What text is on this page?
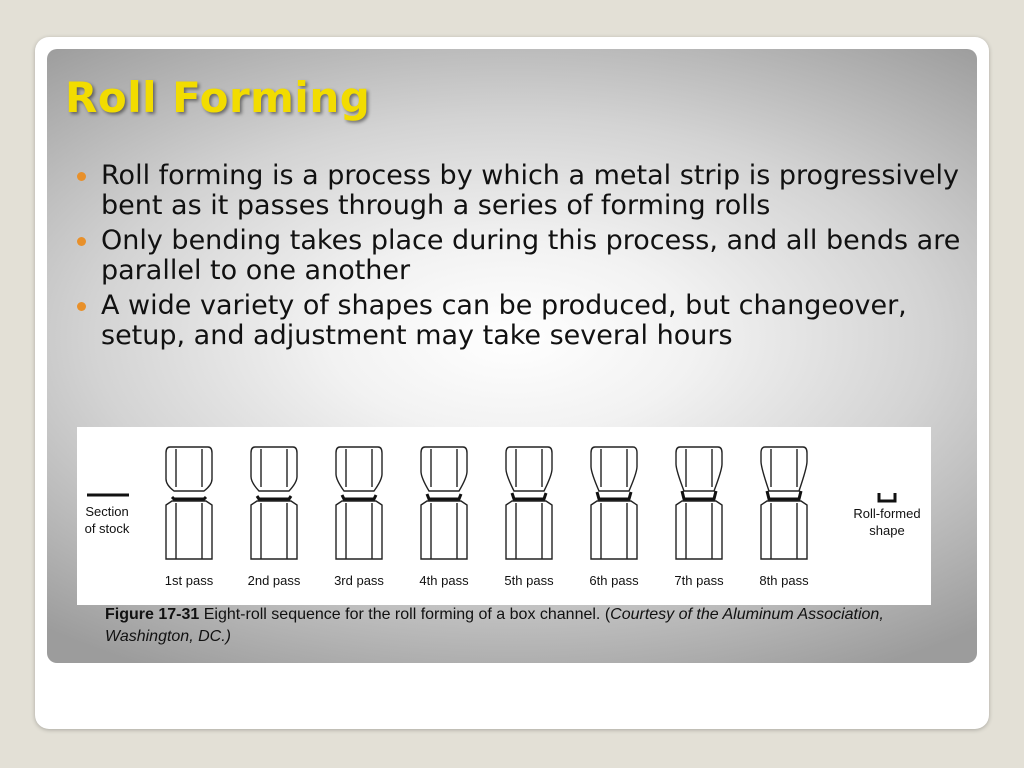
Roll Forming
Roll forming is a process by which a metal strip is progressively bent as it passes through a series of forming rolls
Only bending takes place during this process, and all bends are parallel to one another
A wide variety of shapes can be produced, but changeover, setup, and adjustment may take several hours
Section
of stock
Roll-formed
shape
1st pass	2nd pass	3rd pass	4th pass	5th pass	6th pass	7th pass	8th pass
Figure 17-31 Eight-roll sequence for the roll forming of a box channel. (Courtesy of the Aluminum Association, Washington, DC.)
